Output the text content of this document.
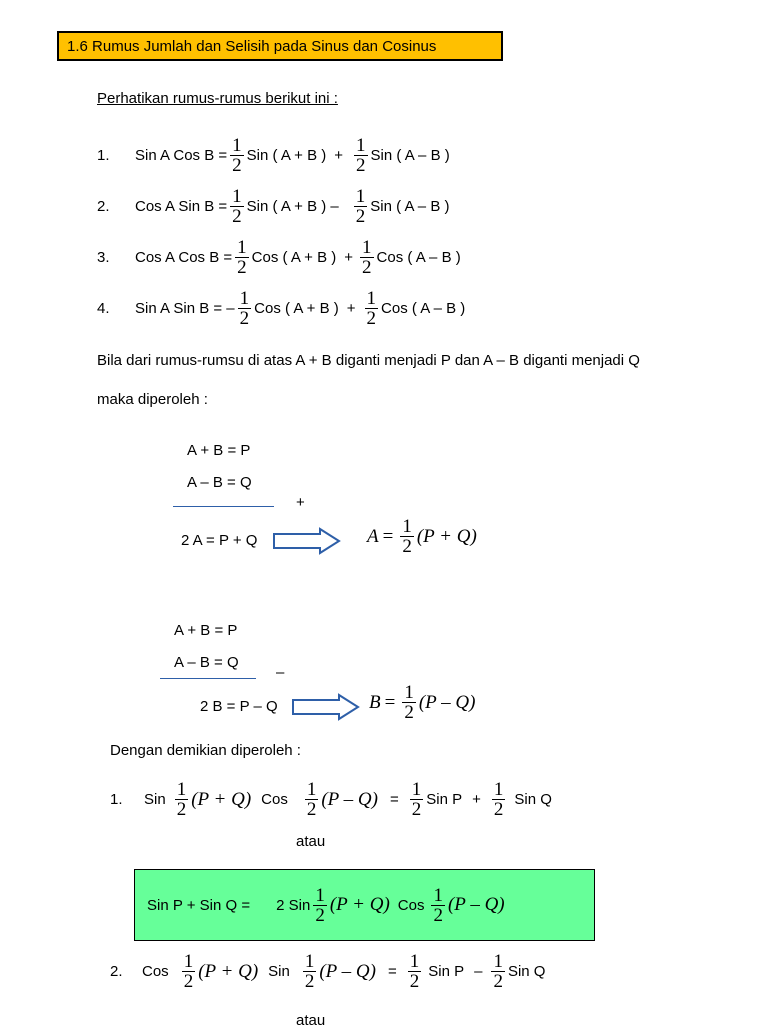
1.6 Rumus Jumlah dan Selisih pada Sinus dan Cosinus
Perhatikan rumus-rumus berikut ini :
1.	Sin A Cos $B = \frac{1}{2}$ Sin ( A + B ) + $\frac{1}{2}$ Sin ( A – B )
2.	Cos A Sin $B = \frac{1}{2}$ Sin ( A + B ) – $\frac{1}{2}$ Sin ( A – B )
3.	Cos A Cos $B = \frac{1}{2}$ Cos ( A + B ) + $\frac{1}{2}$ Cos ( A – B )
4.	Sin A Sin B = – $\frac{1}{2}$ Cos ( A + B ) + $\frac{1}{2}$ Cos ( A – B )
Bila dari rumus-rumsu di atas A + B diganti menjadi P dan A – B diganti menjadi Q
maka diperoleh :
A + B = P
A – B = Q
+
2 A = P + Q	$A = \frac{1}{2} (P + Q)$
A + B = P
A – B = Q
–
2 B = P – Q	$B = \frac{1}{2} (P - Q)$
Dengan demikian diperoleh :
1.	Sin $\frac{1}{2} (P + Q)$ Cos $\frac{1}{2} (P - Q) = \frac{1}{2}$ Sin $P + \frac{1}{2}$ Sin Q
atau
Sin P + Sin Q = 2 Sin $\frac{1}{2} (P + Q)$ Cos $\frac{1}{2} (P - Q)$
2.	Cos $\frac{1}{2} (P + Q)$ Sin $\frac{1}{2} (P - Q) = \frac{1}{2}$ Sin P – $\frac{1}{2}$ Sin Q
atau
